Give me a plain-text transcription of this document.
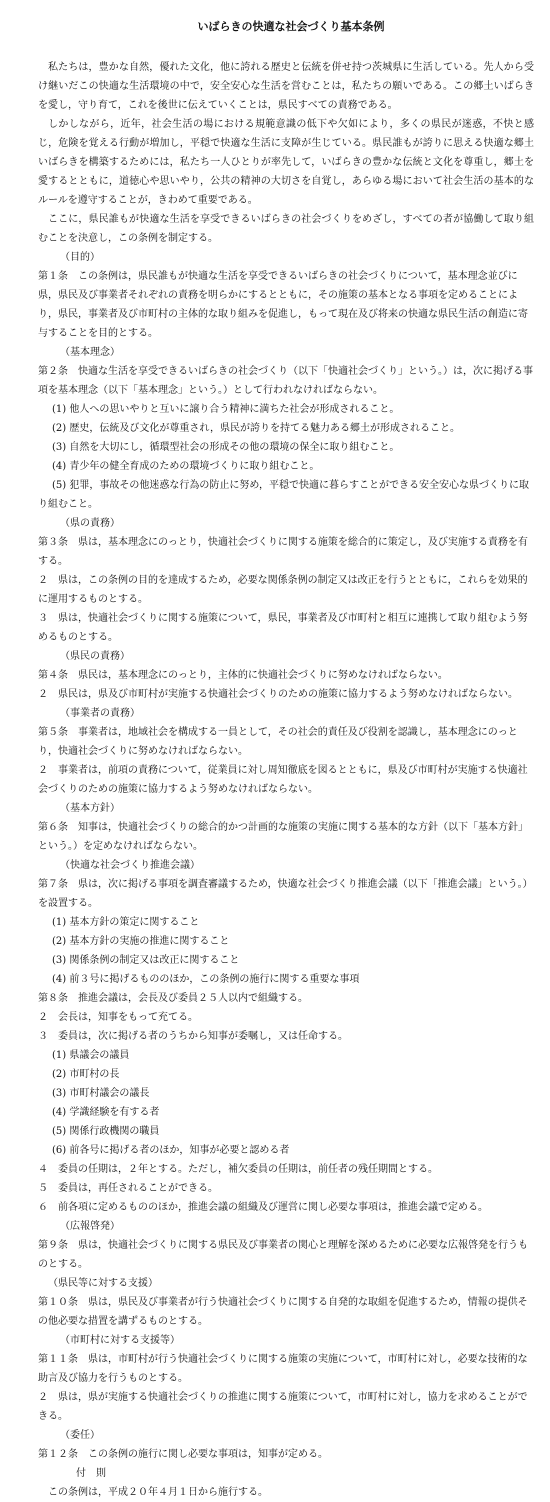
いばらきの快適な社会づくり基本条例

私たちは，豊かな自然，優れた文化，他に誇れる歴史と伝統を併せ持つ茨城県に生活している。先人から受け継いだこの快適な生活環境の中で，安全安心な生活を営むことは，私たちの願いである。この郷土いばらきを愛し，守り育て，これを後世に伝えていくことは，県民すべての責務である。

しかしながら，近年，社会生活の場における規範意識の低下や欠如により，多くの県民が迷惑，不快と感じ，危険を覚える行動が増加し，平穏で快適な生活に支障が生じている。県民誰もが誇りに思える快適な郷土いばらきを構築するためには，私たち一人ひとりが率先して，いばらきの豊かな伝統と文化を尊重し，郷土を愛するとともに，道徳心や思いやり，公共の精神の大切さを自覚し，あらゆる場において社会生活の基本的なルールを遵守することが，きわめて重要である。

ここに，県民誰もが快適な生活を享受できるいばらきの社会づくりをめざし，すべての者が協働して取り組むことを決意し，この条例を制定する。

（目的）

第１条　この条例は，県民誰もが快適な生活を享受できるいばらきの社会づくりについて，基本理念並びに県，県民及び事業者それぞれの責務を明らかにするとともに，その施策の基本となる事項を定めることにより，県民，事業者及び市町村の主体的な取り組みを促進し，もって現在及び将来の快適な県民生活の創造に寄与することを目的とする。

（基本理念）

第２条　快適な生活を享受できるいばらきの社会づくり（以下「快適社会づくり」という。）は，次に掲げる事項を基本理念（以下「基本理念」という。）として行われなければならない。

(1) 他人への思いやりと互いに譲り合う精神に満ちた社会が形成されること。

(2) 歴史，伝統及び文化が尊重され，県民が誇りを持てる魅力ある郷土が形成されること。

(3) 自然を大切にし，循環型社会の形成その他の環境の保全に取り組むこと。

(4) 青少年の健全育成のための環境づくりに取り組むこと。

(5) 犯罪，事故その他迷惑な行為の防止に努め，平穏で快適に暮らすことができる安全安心な県づくりに取り組むこと。

（県の責務）

第３条　県は，基本理念にのっとり，快適社会づくりに関する施策を総合的に策定し，及び実施する責務を有する。

２　県は，この条例の目的を達成するため，必要な関係条例の制定又は改正を行うとともに，これらを効果的に運用するものとする。

３　県は，快適社会づくりに関する施策について，県民，事業者及び市町村と相互に連携して取り組むよう努めるものとする。

（県民の責務）

第４条　県民は，基本理念にのっとり，主体的に快適社会づくりに努めなければならない。

２　県民は，県及び市町村が実施する快適社会づくりのための施策に協力するよう努めなければならない。

（事業者の責務）

第５条　事業者は，地域社会を構成する一員として，その社会的責任及び役割を認識し，基本理念にのっとり，快適社会づくりに努めなければならない。

２　事業者は，前項の責務について，従業員に対し周知徹底を図るとともに，県及び市町村が実施する快適社会づくりのための施策に協力するよう努めなければならない。

（基本方針）

第６条　知事は，快適社会づくりの総合的かつ計画的な施策の実施に関する基本的な方針（以下「基本方針」という。）を定めなければならない。

（快適な社会づくり推進会議）

第７条　県は，次に掲げる事項を調査審議するため，快適な社会づくり推進会議（以下「推進会議」という。）を設置する。

(1) 基本方針の策定に関すること

(2) 基本方針の実施の推進に関すること

(3) 関係条例の制定又は改正に関すること

(4) 前３号に掲げるもののほか，この条例の施行に関する重要な事項

第８条　推進会議は，会長及び委員２５人以内で組織する。

２　会長は，知事をもって充てる。

３　委員は，次に掲げる者のうちから知事が委嘱し，又は任命する。

(1) 県議会の議員

(2) 市町村の長

(3) 市町村議会の議長

(4) 学識経験を有する者

(5) 関係行政機関の職員

(6) 前各号に掲げる者のほか，知事が必要と認める者

４　委員の任期は，２年とする。ただし，補欠委員の任期は，前任者の残任期間とする。

５　委員は，再任されることができる。

６　前各項に定めるもののほか，推進会議の組織及び運営に関し必要な事項は，推進会議で定める。

（広報啓発）

第９条　県は，快適社会づくりに関する県民及び事業者の関心と理解を深めるために必要な広報啓発を行うものとする。

（県民等に対する支援）

第１０条　県は，県民及び事業者が行う快適社会づくりに関する自発的な取組を促進するため，情報の提供その他必要な措置を講ずるものとする。

（市町村に対する支援等）

第１１条　県は，市町村が行う快適社会づくりに関する施策の実施について，市町村に対し，必要な技術的な助言及び協力を行うものとする。

２　県は，県が実施する快適社会づくりの推進に関する施策について，市町村に対し，協力を求めることができる。

（委任）

第１２条　この条例の施行に関し必要な事項は，知事が定める。

付　則

この条例は，平成２０年４月１日から施行する。
